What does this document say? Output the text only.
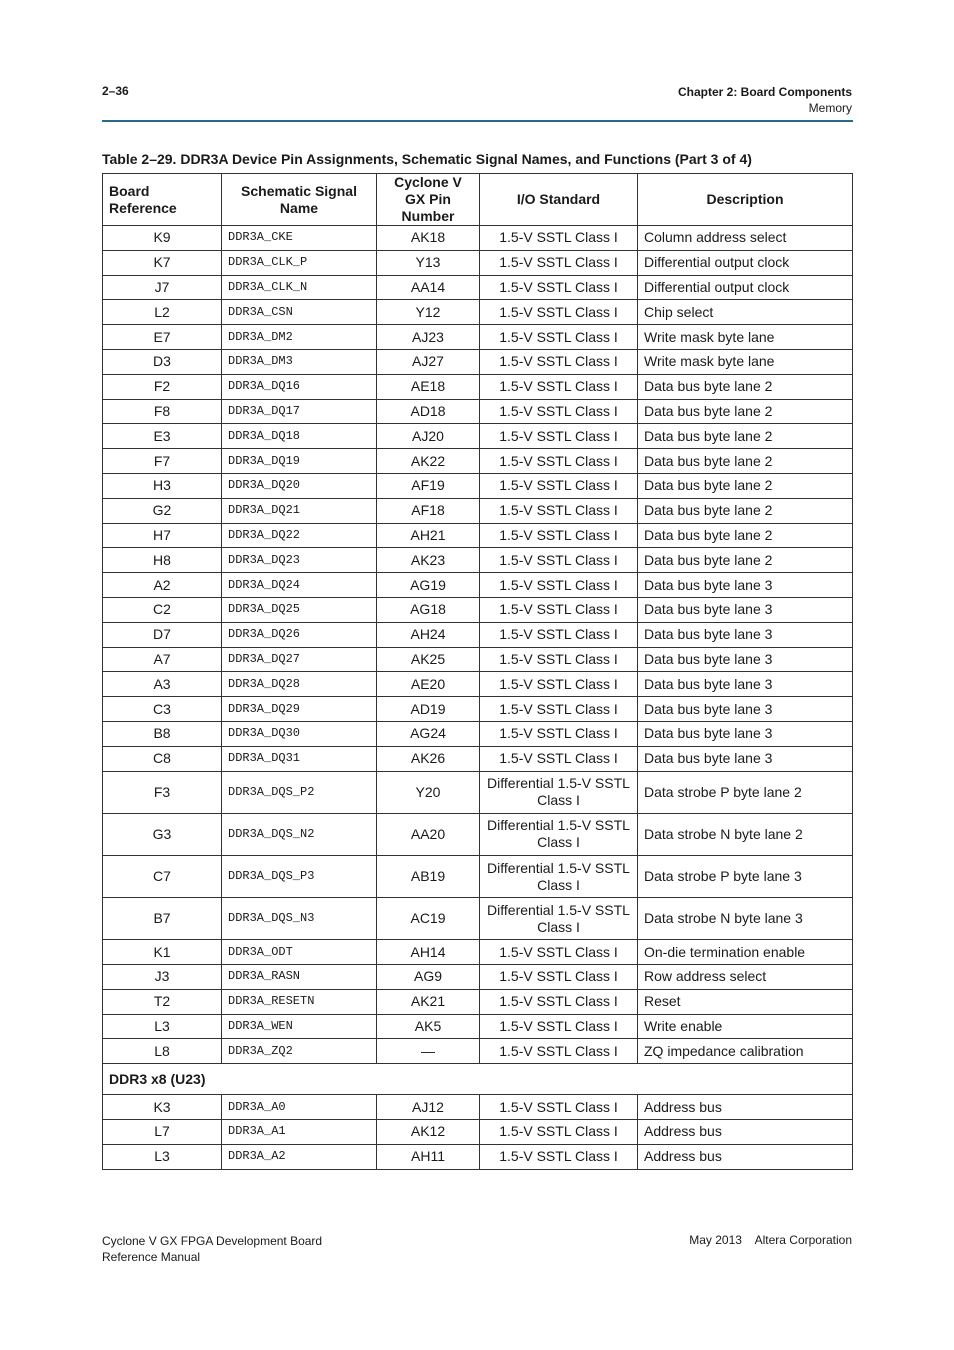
2–36	Chapter 2: Board Components
Memory
Table 2–29. DDR3A Device Pin Assignments, Schematic Signal Names, and Functions (Part 3 of 4)
Board Reference	Schematic Signal Name	Cyclone V GX Pin Number	I/O Standard	Description
K9	DDR3A_CKE	AK18	1.5-V SSTL Class I	Column address select
K7	DDR3A_CLK_P	Y13	1.5-V SSTL Class I	Differential output clock
J7	DDR3A_CLK_N	AA14	1.5-V SSTL Class I	Differential output clock
L2	DDR3A_CSN	Y12	1.5-V SSTL Class I	Chip select
E7	DDR3A_DM2	AJ23	1.5-V SSTL Class I	Write mask byte lane
D3	DDR3A_DM3	AJ27	1.5-V SSTL Class I	Write mask byte lane
F2	DDR3A_DQ16	AE18	1.5-V SSTL Class I	Data bus byte lane 2
F8	DDR3A_DQ17	AD18	1.5-V SSTL Class I	Data bus byte lane 2
E3	DDR3A_DQ18	AJ20	1.5-V SSTL Class I	Data bus byte lane 2
F7	DDR3A_DQ19	AK22	1.5-V SSTL Class I	Data bus byte lane 2
H3	DDR3A_DQ20	AF19	1.5-V SSTL Class I	Data bus byte lane 2
G2	DDR3A_DQ21	AF18	1.5-V SSTL Class I	Data bus byte lane 2
H7	DDR3A_DQ22	AH21	1.5-V SSTL Class I	Data bus byte lane 2
H8	DDR3A_DQ23	AK23	1.5-V SSTL Class I	Data bus byte lane 2
A2	DDR3A_DQ24	AG19	1.5-V SSTL Class I	Data bus byte lane 3
C2	DDR3A_DQ25	AG18	1.5-V SSTL Class I	Data bus byte lane 3
D7	DDR3A_DQ26	AH24	1.5-V SSTL Class I	Data bus byte lane 3
A7	DDR3A_DQ27	AK25	1.5-V SSTL Class I	Data bus byte lane 3
A3	DDR3A_DQ28	AE20	1.5-V SSTL Class I	Data bus byte lane 3
C3	DDR3A_DQ29	AD19	1.5-V SSTL Class I	Data bus byte lane 3
B8	DDR3A_DQ30	AG24	1.5-V SSTL Class I	Data bus byte lane 3
C8	DDR3A_DQ31	AK26	1.5-V SSTL Class I	Data bus byte lane 3
F3	DDR3A_DQS_P2	Y20	Differential 1.5-V SSTL Class I	Data strobe P byte lane 2
G3	DDR3A_DQS_N2	AA20	Differential 1.5-V SSTL Class I	Data strobe N byte lane 2
C7	DDR3A_DQS_P3	AB19	Differential 1.5-V SSTL Class I	Data strobe P byte lane 3
B7	DDR3A_DQS_N3	AC19	Differential 1.5-V SSTL Class I	Data strobe N byte lane 3
K1	DDR3A_ODT	AH14	1.5-V SSTL Class I	On-die termination enable
J3	DDR3A_RASN	AG9	1.5-V SSTL Class I	Row address select
T2	DDR3A_RESETN	AK21	1.5-V SSTL Class I	Reset
L3	DDR3A_WEN	AK5	1.5-V SSTL Class I	Write enable
L8	DDR3A_ZQ2	—	1.5-V SSTL Class I	ZQ impedance calibration
DDR3 x8 (U23)				
K3	DDR3A_A0	AJ12	1.5-V SSTL Class I	Address bus
L7	DDR3A_A1	AK12	1.5-V SSTL Class I	Address bus
L3	DDR3A_A2	AH11	1.5-V SSTL Class I	Address bus
Cyclone V GX FPGA Development Board
Reference Manual
May 2013    Altera Corporation
